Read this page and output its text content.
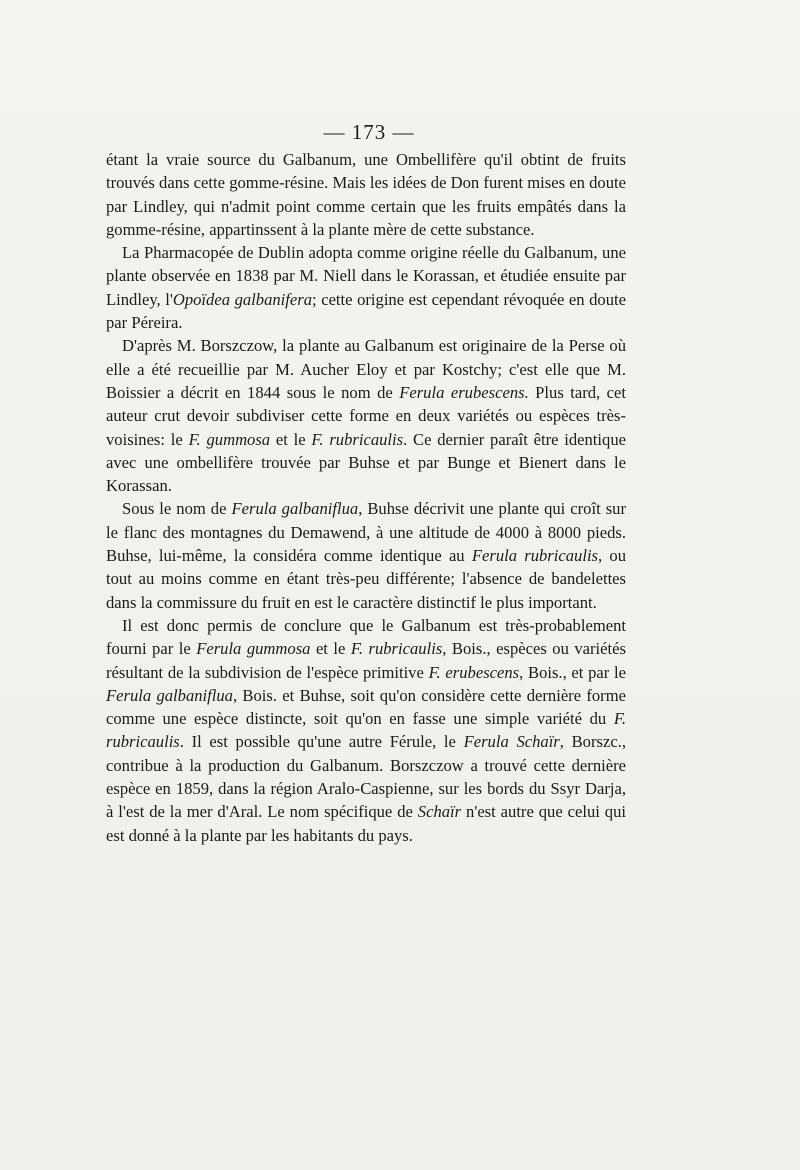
— 173 —

étant la vraie source du Galbanum, une Ombellifère qu'il obtint de fruits trouvés dans cette gomme-résine. Mais les idées de Don furent mises en doute par Lindley, qui n'admit point comme certain que les fruits empâtés dans la gomme-résine, appartinssent à la plante mère de cette substance.

La Pharmacopée de Dublin adopta comme origine réelle du Galbanum, une plante observée en 1838 par M. Niell dans le Korassan, et étudiée ensuite par Lindley, l'Opoïdea galbanifera; cette origine est cependant révoquée en doute par Péreira.

D'après M. Borszczow, la plante au Galbanum est originaire de la Perse où elle a été recueillie par M. Aucher Eloy et par Kostchy; c'est elle que M. Boissier a décrit en 1844 sous le nom de Ferula erubescens. Plus tard, cet auteur crut devoir subdiviser cette forme en deux variétés ou espèces très-voisines: le F. gummosa et le F. rubricaulis. Ce dernier paraît être identique avec une ombellifère trouvée par Buhse et par Bunge et Bienert dans le Korassan.

Sous le nom de Ferula galbaniflua, Buhse décrivit une plante qui croît sur le flanc des montagnes du Demawend, à une altitude de 4000 à 8000 pieds. Buhse, lui-même, la considéra comme identique au Ferula rubricaulis, ou tout au moins comme en étant très-peu différente; l'absence de bandelettes dans la commissure du fruit en est le caractère distinctif le plus important.

Il est donc permis de conclure que le Galbanum est très-probablement fourni par le Ferula gummosa et le F. rubricaulis, Bois., espèces ou variétés résultant de la subdivision de l'espèce primitive F. erubescens, Bois., et par le Ferula galbaniflua, Bois. et Buhse, soit qu'on considère cette dernière forme comme une espèce distincte, soit qu'on en fasse une simple variété du F. rubricaulis. Il est possible qu'une autre Férule, le Ferula Schaïr, Borszc., contribue à la production du Galbanum. Borszczow a trouvé cette dernière espèce en 1859, dans la région Aralo-Caspienne, sur les bords du Ssyr Darja, à l'est de la mer d'Aral. Le nom spécifique de Schaïr n'est autre que celui qui est donné à la plante par les habitants du pays.
